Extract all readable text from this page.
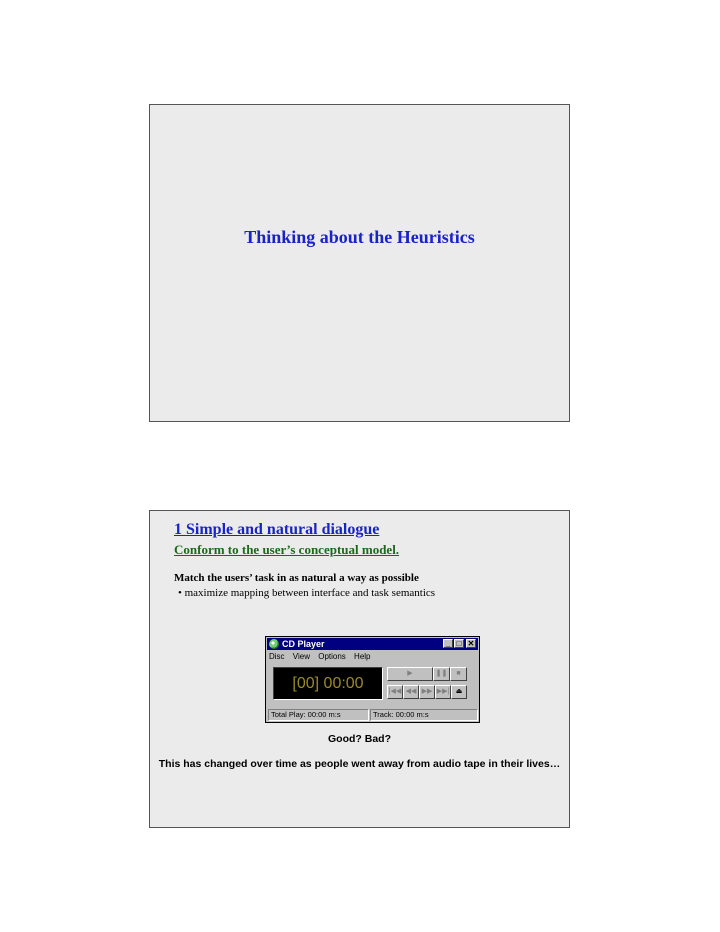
Thinking about the Heuristics
1 Simple and natural dialogue
Conform to the user’s conceptual model.
Match the users’ task in as natural a way as possible
• maximize mapping between interface and task semantics
CD Player	_ □ ✕
Disc View Options Help
[00] 00:00
▶	❚❚	■
|◀◀ ◀◀ ▶▶ ▶▶| ⏏
Total Play: 00:00 m:s	Track: 00:00 m:s
Good? Bad?
This has changed over time as people went away from audio tape in their lives…
